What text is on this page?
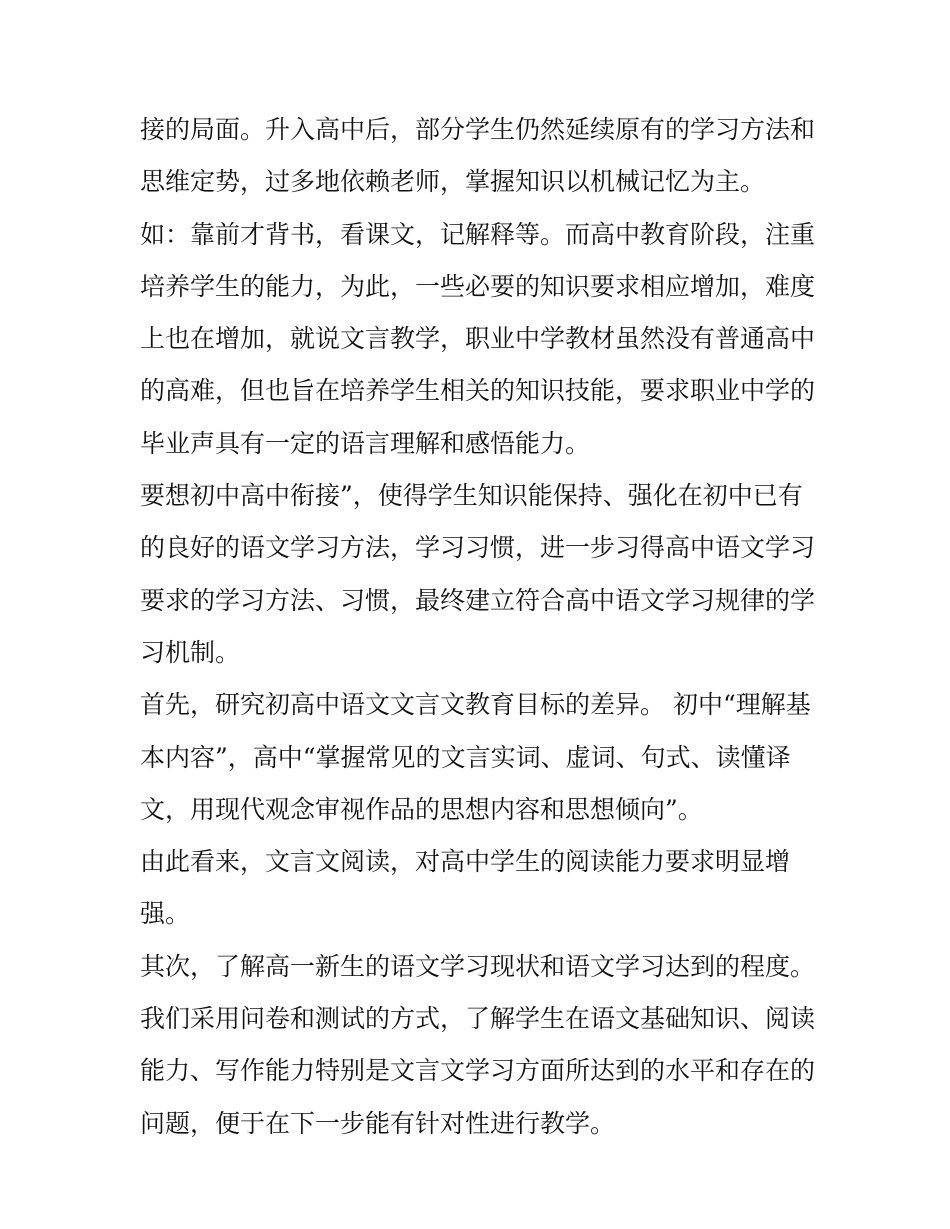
接的局面。升入高中后，部分学生仍然延续原有的学习方法和
思维定势，过多地依赖老师，掌握知识以机械记忆为主。
如：靠前才背书，看课文，记解释等。而高中教育阶段，注重
培养学生的能力，为此，一些必要的知识要求相应增加，难度
上也在增加，就说文言教学，职业中学教材虽然没有普通高中
的高难，但也旨在培养学生相关的知识技能，要求职业中学的
毕业声具有一定的语言理解和感悟能力。
要想初中高中衔接”，使得学生知识能保持、强化在初中已有
的良好的语文学习方法，学习习惯，进一步习得高中语文学习
要求的学习方法、习惯，最终建立符合高中语文学习规律的学
习机制。
首先，研究初高中语文文言文教育目标的差异。 初中“理解基
本内容”，高中“掌握常见的文言实词、虚词、句式、读懂译
文，用现代观念审视作品的思想内容和思想倾向”。
由此看来，文言文阅读，对高中学生的阅读能力要求明显增
强。
其次，了解高一新生的语文学习现状和语文学习达到的程度。
我们采用问卷和测试的方式，了解学生在语文基础知识、阅读
能力、写作能力特别是文言文学习方面所达到的水平和存在的
问题，便于在下一步能有针对性进行教学。
